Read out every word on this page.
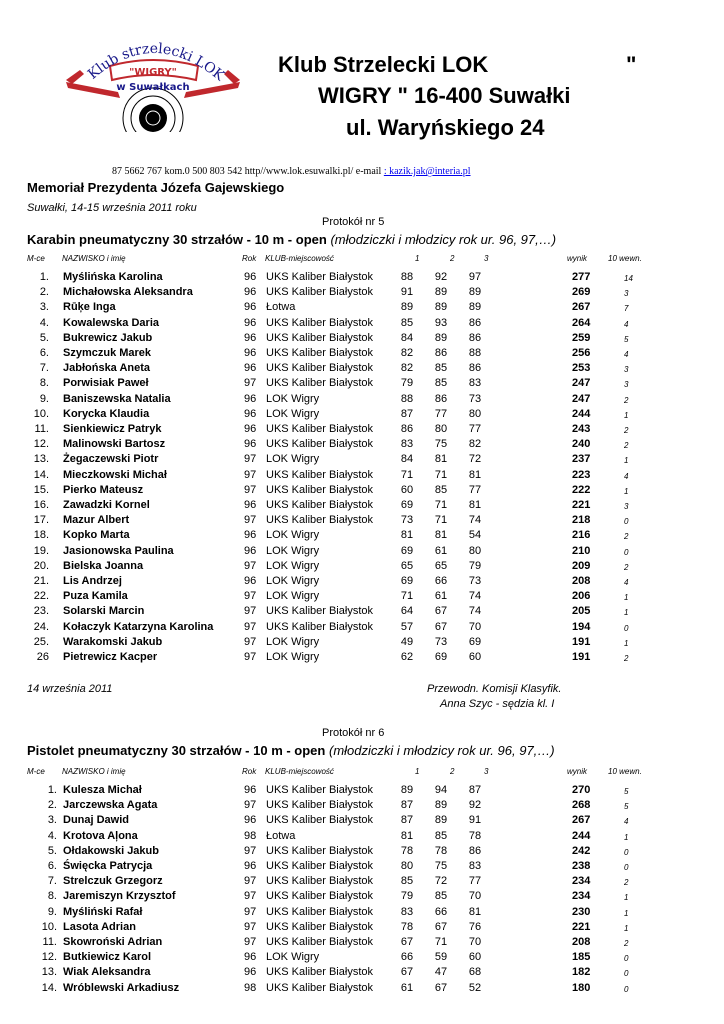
"WIGRY"
Klub strzelecki LOK
w Suwałkach
Klub Strzelecki LOK	"
WIGRY " 16-400 Suwałki
ul. Waryńskiego 24
87 5662 767 kom.0 500 803 542 http//www.lok.esuwalki.pl/ e-mail : kazik.jak@interia.pl
Memoriał Prezydenta Józefa Gajewskiego
Suwałki, 14-15 września 2011 roku
Protokół nr 5
Karabin pneumatyczny 30 strzałów - 10 m - open (młodziczki i młodzicy rok ur. 96, 97,…)
M-ce NAZWISKO i imię	Rok KLUB-miejscowość	1	2	3	wynik	10 wewn.
1. Myślińska Karolina	96 UKS Kaliber Białystok	88	92	97	277	14
2. Michałowska Aleksandra	96 UKS Kaliber Białystok	91	89	89	269	3
3. Rūķe Inga	96 Łotwa	89	89	89	267	7
4. Kowalewska Daria	96 UKS Kaliber Białystok	85	93	86	264	4
5. Bukrewicz Jakub	96 UKS Kaliber Białystok	84	89	86	259	5
6. Szymczuk Marek	96 UKS Kaliber Białystok	82	86	88	256	4
7. Jabłońska Aneta	96 UKS Kaliber Białystok	82	85	86	253	3
8. Porwisiak Paweł	97 UKS Kaliber Białystok	79	85	83	247	3
9. Baniszewska Natalia	96 LOK Wigry	88	86	73	247	2
10. Korycka Klaudia	96 LOK Wigry	87	77	80	244	1
11. Sienkiewicz Patryk	96 UKS Kaliber Białystok	86	80	77	243	2
12. Malinowski Bartosz	96 UKS Kaliber Białystok	83	75	82	240	2
13. Żegaczewski Piotr	97 LOK Wigry	84	81	72	237	1
14. Mieczkowski Michał	97 UKS Kaliber Białystok	71	71	81	223	4
15. Pierko Mateusz	97 UKS Kaliber Białystok	60	85	77	222	1
16. Zawadzki Kornel	96 UKS Kaliber Białystok	69	71	81	221	3
17. Mazur Albert	97 UKS Kaliber Białystok	73	71	74	218	0
18. Kopko Marta	96 LOK Wigry	81	81	54	216	2
19. Jasionowska Paulina	96 LOK Wigry	69	61	80	210	0
20. Bielska Joanna	97 LOK Wigry	65	65	79	209	2
21. Lis Andrzej	96 LOK Wigry	69	66	73	208	4
22. Puza Kamila	97 LOK Wigry	71	61	74	206	1
23. Solarski Marcin	97 UKS Kaliber Białystok	64	67	74	205	1
24. Kołaczyk Katarzyna Karolina	97 UKS Kaliber Białystok	57	67	70	194	0
25. Warakomski Jakub	97 LOK Wigry	49	73	69	191	1
26 Pietrewicz Kacper	97 LOK Wigry	62	69	60	191	2
14 września 2011	Przewodn. Komisji Klasyfik.
Anna Szyc - sędzia kl. I
Protokół nr 6
Pistolet pneumatyczny 30 strzałów - 10 m - open (młodziczki i młodzicy rok ur. 96, 97,…)
M-ce NAZWISKO i imię	Rok KLUB-miejscowość	1	2	3	wynik	10 wewn.
1. Kulesza Michał	96 UKS Kaliber Białystok	89	94	87	270	5
2. Jarczewska Agata	97 UKS Kaliber Białystok	87	89	92	268	5
3. Dunaj Dawid	96 UKS Kaliber Białystok	87	89	91	267	4
4. Krotova Aļona	98 Łotwa	81	85	78	244	1
5. Ołdakowski Jakub	97 UKS Kaliber Białystok	78	78	86	242	0
6. Święcka Patrycja	96 UKS Kaliber Białystok	80	75	83	238	0
7. Strelczuk Grzegorz	97 UKS Kaliber Białystok	85	72	77	234	2
8. Jaremiszyn Krzysztof	97 UKS Kaliber Białystok	79	85	70	234	1
9. Myśliński Rafał	97 UKS Kaliber Białystok	83	66	81	230	1
10. Lasota Adrian	97 UKS Kaliber Białystok	78	67	76	221	1
11. Skowroński Adrian	97 UKS Kaliber Białystok	67	71	70	208	2
12. Butkiewicz Karol	96 LOK Wigry	66	59	60	185	0
13. Wiak Aleksandra	96 UKS Kaliber Białystok	67	47	68	182	0
14. Wróblewski Arkadiusz	98 UKS Kaliber Białystok	61	67	52	180	0
